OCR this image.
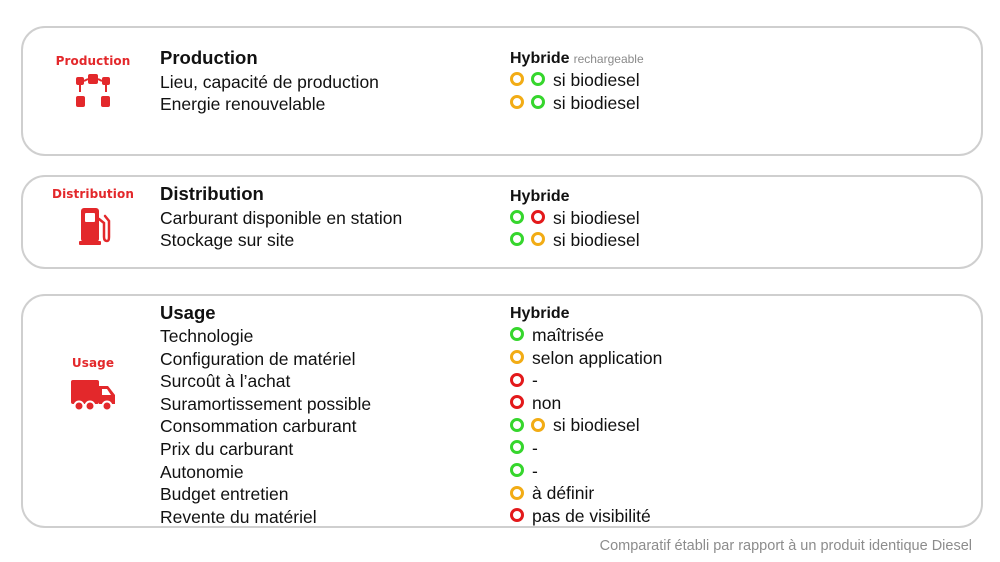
Production	Production
Lieu, capacité de production
Energie renouvelable
Hybride rechargeable
si biodiesel
si biodiesel
Distribution	Distribution
Carburant disponible en station
Stockage sur site
Hybride
si biodiesel
si biodiesel
Usage
Usage
Technologie
Configuration de matériel
Surcoût à l’achat
Suramortissement possible
Consommation carburant
Prix du carburant
Autonomie
Budget entretien
Revente du matériel
Hybride
maîtrisée
selon application
-
non
si biodiesel
-
-
à définir
pas de visibilité
Comparatif établi par rapport à un produit identique Diesel
